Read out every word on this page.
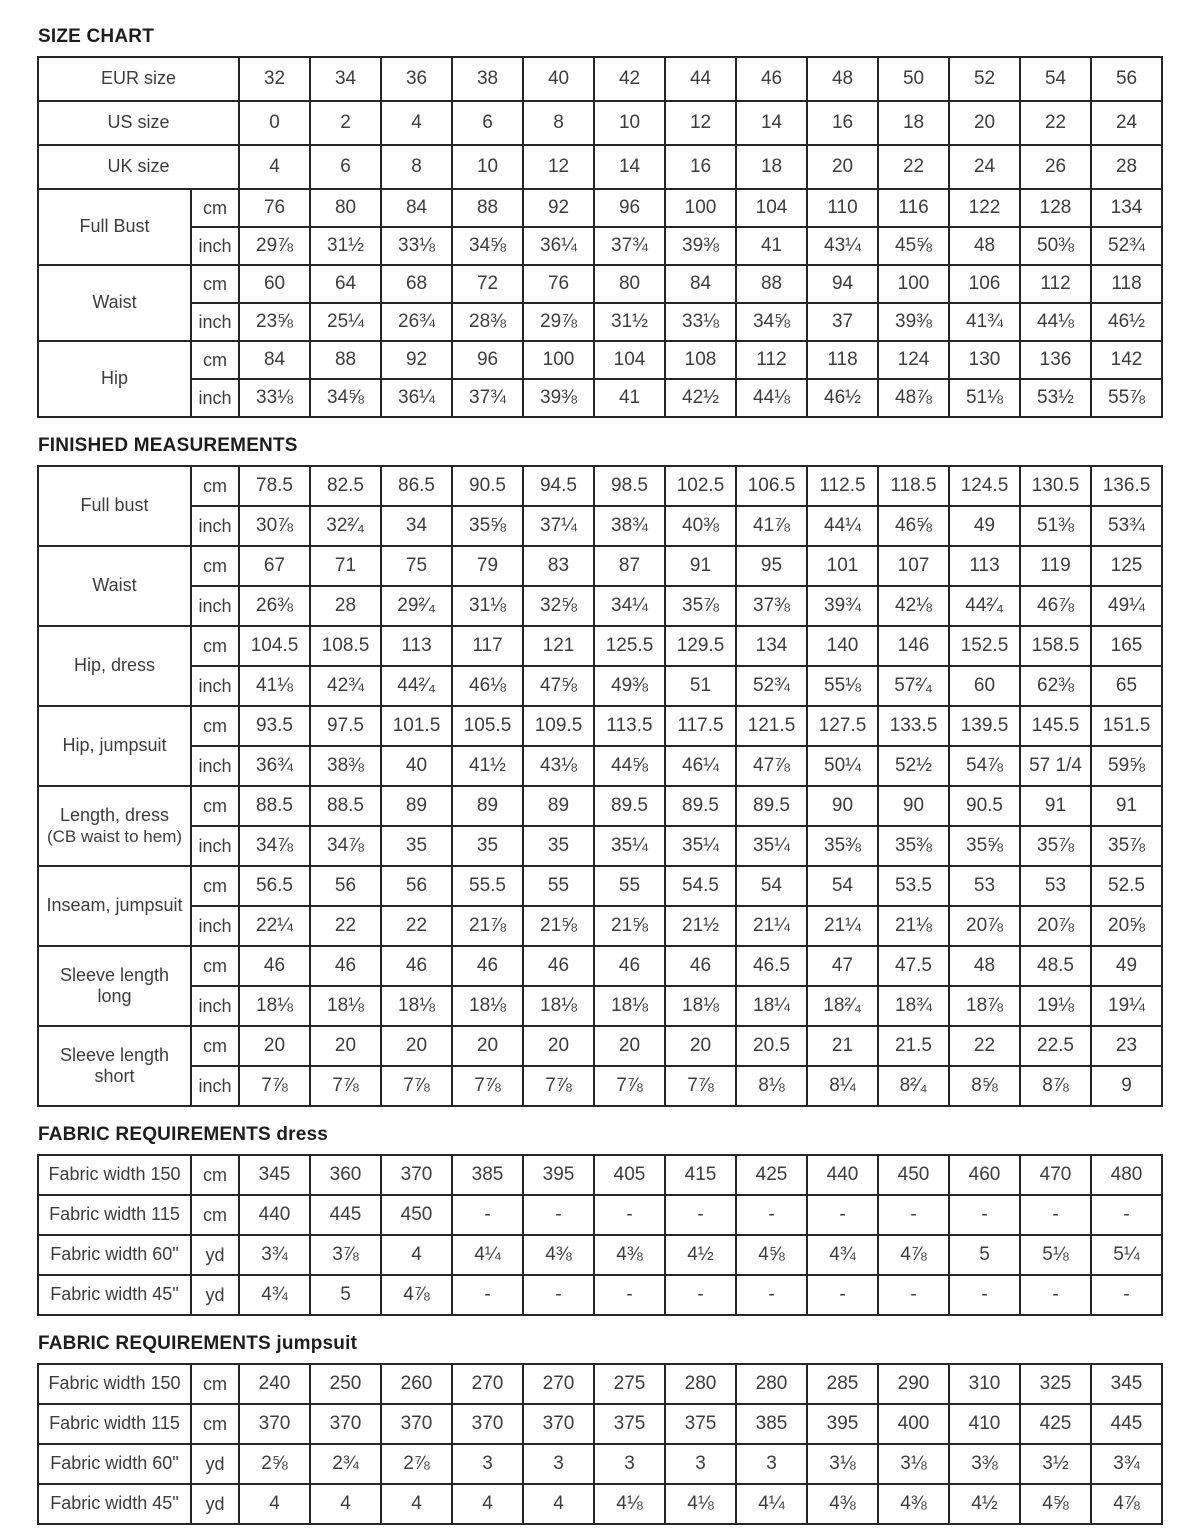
SIZE CHART
EUR size		32	34	36	38	40	42	44	46	48	50	52	54	56
US size		0	2	4	6	8	10	12	14	16	18	20	22	24
UK size		4	6	8	10	12	14	16	18	20	22	24	26	28
Full Bust	cm	76	80	84	88	92	96	100	104	110	116	122	128	134
	inch	29⅞	31½	33⅛	34⅝	36¼	37¾	39⅜	41	43¼	45⅝	48	50⅜	52¾
Waist	cm	60	64	68	72	76	80	84	88	94	100	106	112	118
	inch	23⅝	25¼	26¾	28⅜	29⅞	31½	33⅛	34⅝	37	39⅜	41¾	44⅛	46½
Hip	cm	84	88	92	96	100	104	108	112	118	124	130	136	142
	inch	33⅛	34⅝	36¼	37¾	39⅜	41	42½	44⅛	46½	48⅞	51⅛	53½	55⅞
FINISHED MEASUREMENTS
Full bust	cm	78.5	82.5	86.5	90.5	94.5	98.5	102.5	106.5	112.5	118.5	124.5	130.5	136.5
	inch	30⅞	32²⁄₄	34	35⅝	37¼	38¾	40⅜	41⅞	44¼	46⅝	49	51⅜	53¾
Waist	cm	67	71	75	79	83	87	91	95	101	107	113	119	125
	inch	26⅜	28	29²⁄₄	31⅛	32⅝	34¼	35⅞	37⅜	39¾	42⅛	44²⁄₄	46⅞	49¼
Hip, dress	cm	104.5	108.5	113	117	121	125.5	129.5	134	140	146	152.5	158.5	165
	inch	41⅛	42¾	44²⁄₄	46⅛	47⅝	49⅜	51	52¾	55⅛	57²⁄₄	60	62⅜	65
Hip, jumpsuit	cm	93.5	97.5	101.5	105.5	109.5	113.5	117.5	121.5	127.5	133.5	139.5	145.5	151.5
	inch	36¾	38⅜	40	41½	43⅛	44⅝	46¼	47⅞	50¼	52½	54⅞	57 1/4	59⅝

Length, dress
(CB waist to hem)	cm	88.5	88.5	89	89	89	89.5	89.5	89.5	90	90	90.5	91	91
	inch	34⅞	34⅞	35	35	35	35¼	35¼	35¼	35⅜	35⅜	35⅝	35⅞	35⅞
Inseam, jumpsuit	cm	56.5	56	56	55.5	55	55	54.5	54	54	53.5	53	53	52.5
	inch	22¼	22	22	21⅞	21⅝	21⅝	21½	21¼	21¼	21⅛	20⅞	20⅞	20⅝
Sleeve length long	cm	46	46	46	46	46	46	46	46.5	47	47.5	48	48.5	49
	inch	18⅛	18⅛	18⅛	18⅛	18⅛	18⅛	18⅛	18¼	18²⁄₄	18¾	18⅞	19⅛	19¼
Sleeve length short	cm	20	20	20	20	20	20	20	20.5	21	21.5	22	22.5	23
	inch	7⅞	7⅞	7⅞	7⅞	7⅞	7⅞	7⅞	8⅛	8¼	8²⁄₄	8⅝	8⅞	9
FABRIC REQUIREMENTS dress
Fabric width 150	cm	345	360	370	385	395	405	415	425	440	450	460	470	480
Fabric width 115	cm	440	445	450	-	-	-	-	-	-	-	-	-	-
Fabric width 60"	yd	3¾	3⅞	4	4¼	4⅜	4⅜	4½	4⅝	4¾	4⅞	5	5⅛	5¼
Fabric width 45"	yd	4¾	5	4⅞	-	-	-	-	-	-	-	-	-	-
FABRIC REQUIREMENTS jumpsuit
Fabric width 150	cm	240	250	260	270	270	275	280	280	285	290	310	325	345
Fabric width 115	cm	370	370	370	370	370	375	375	385	395	400	410	425	445
Fabric width 60"	yd	2⅝	2¾	2⅞	3	3	3	3	3	3⅛	3⅛	3⅜	3½	3¾
Fabric width 45"	yd	4	4	4	4	4	4⅛	4⅛	4¼	4⅜	4⅜	4½	4⅝	4⅞
